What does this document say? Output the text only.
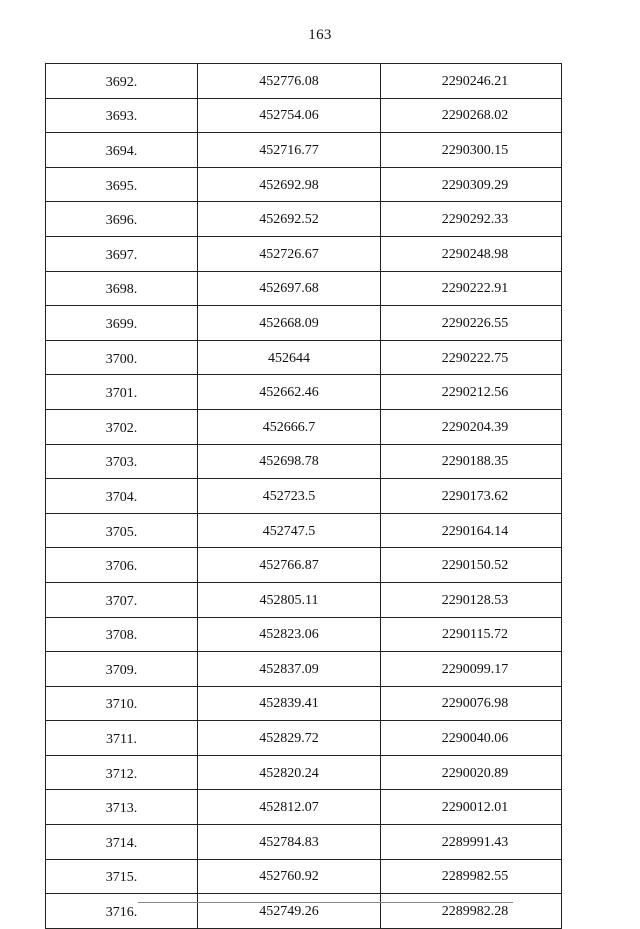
163
3692.	452776.08	2290246.21
3693.	452754.06	2290268.02
3694.	452716.77	2290300.15
3695.	452692.98	2290309.29
3696.	452692.52	2290292.33
3697.	452726.67	2290248.98
3698.	452697.68	2290222.91
3699.	452668.09	2290226.55
3700.	452644	2290222.75
3701.	452662.46	2290212.56
3702.	452666.7	2290204.39
3703.	452698.78	2290188.35
3704.	452723.5	2290173.62
3705.	452747.5	2290164.14
3706.	452766.87	2290150.52
3707.	452805.11	2290128.53
3708.	452823.06	2290115.72
3709.	452837.09	2290099.17
3710.	452839.41	2290076.98
3711.	452829.72	2290040.06
3712.	452820.24	2290020.89
3713.	452812.07	2290012.01
3714.	452784.83	2289991.43
3715.	452760.92	2289982.55
3716.	452749.26	2289982.28
